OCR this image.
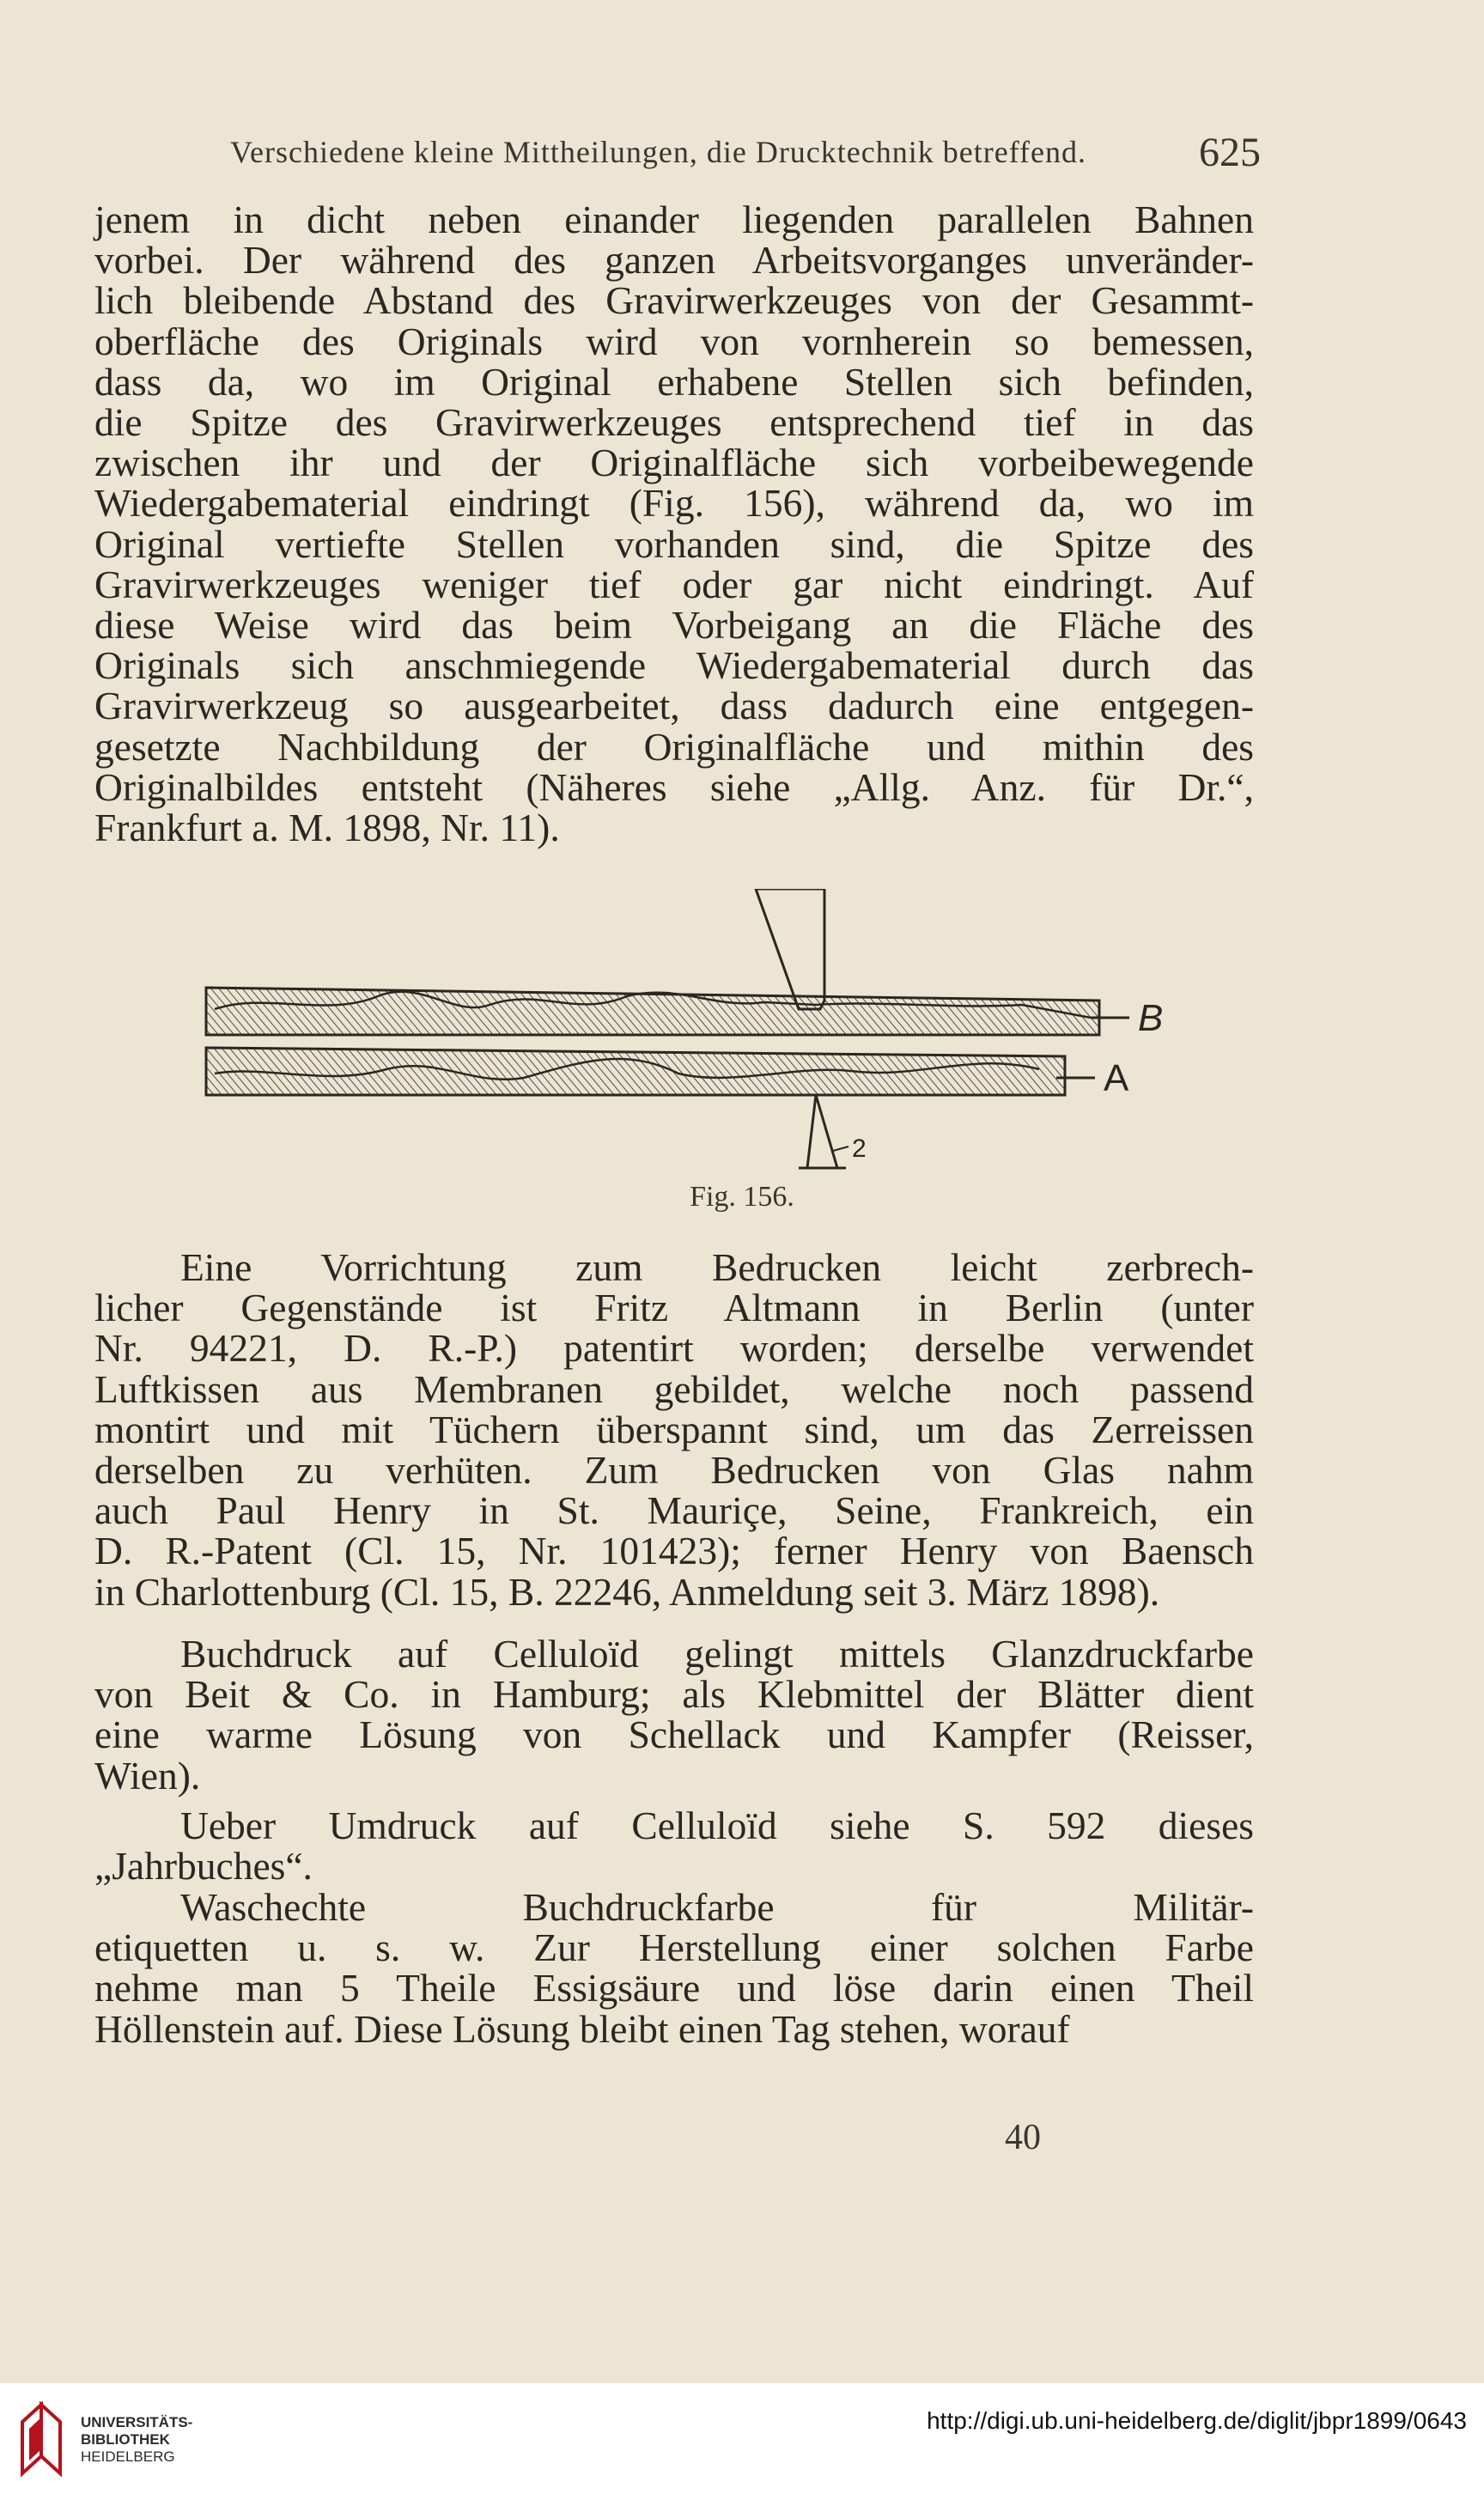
Verschiedene kleine Mittheilungen, die Drucktechnik betreffend.	625
jenem in dicht neben einander liegenden parallelen Bahnen
vorbei. Der während des ganzen Arbeitsvorganges unveränder-
lich bleibende Abstand des Gravirwerkzeuges von der Gesammt-
oberfläche des Originals wird von vornherein so bemessen,
dass da, wo im Original erhabene Stellen sich befinden,
die Spitze des Gravirwerkzeuges entsprechend tief in das
zwischen ihr und der Originalfläche sich vorbeibewegende
Wiedergabematerial eindringt (Fig. 156), während da, wo im
Original vertiefte Stellen vorhanden sind, die Spitze des
Gravirwerkzeuges weniger tief oder gar nicht eindringt. Auf
diese Weise wird das beim Vorbeigang an die Fläche des
Originals sich anschmiegende Wiedergabematerial durch das
Gravirwerkzeug so ausgearbeitet, dass dadurch eine entgegen-
gesetzte Nachbildung der Originalfläche und mithin des
Originalbildes entsteht (Näheres siehe „Allg. Anz. für Dr.“,
Frankfurt a. M. 1898, Nr. 11).
B
A
2
Fig. 156.
Eine Vorrichtung zum Bedrucken leicht zerbrech-
licher Gegenstände ist Fritz Altmann in Berlin (unter
Nr. 94221, D. R.-P.) patentirt worden; derselbe verwendet
Luftkissen aus Membranen gebildet, welche noch passend
montirt und mit Tüchern überspannt sind, um das Zerreissen
derselben zu verhüten. Zum Bedrucken von Glas nahm
auch Paul Henry in St. Mauriçe, Seine, Frankreich, ein
D. R.-Patent (Cl. 15, Nr. 101423); ferner Henry von Baensch
in Charlottenburg (Cl. 15, B. 22246, Anmeldung seit 3. März 1898).
Buchdruck auf Celluloïd gelingt mittels Glanzdruckfarbe
von Beit & Co. in Hamburg; als Klebmittel der Blätter dient
eine warme Lösung von Schellack und Kampfer (Reisser,
Wien).
Ueber Umdruck auf Celluloïd siehe S. 592 dieses
„Jahrbuches“.
Waschechte Buchdruckfarbe für Militär-
etiquetten u. s. w. Zur Herstellung einer solchen Farbe
nehme man 5 Theile Essigsäure und löse darin einen Theil
Höllenstein auf. Diese Lösung bleibt einen Tag stehen, worauf
40
UNIVERSITÄTS-
BIBLIOTHEK
HEIDELBERG
http://digi.ub.uni-heidelberg.de/diglit/jbpr1899/0643
